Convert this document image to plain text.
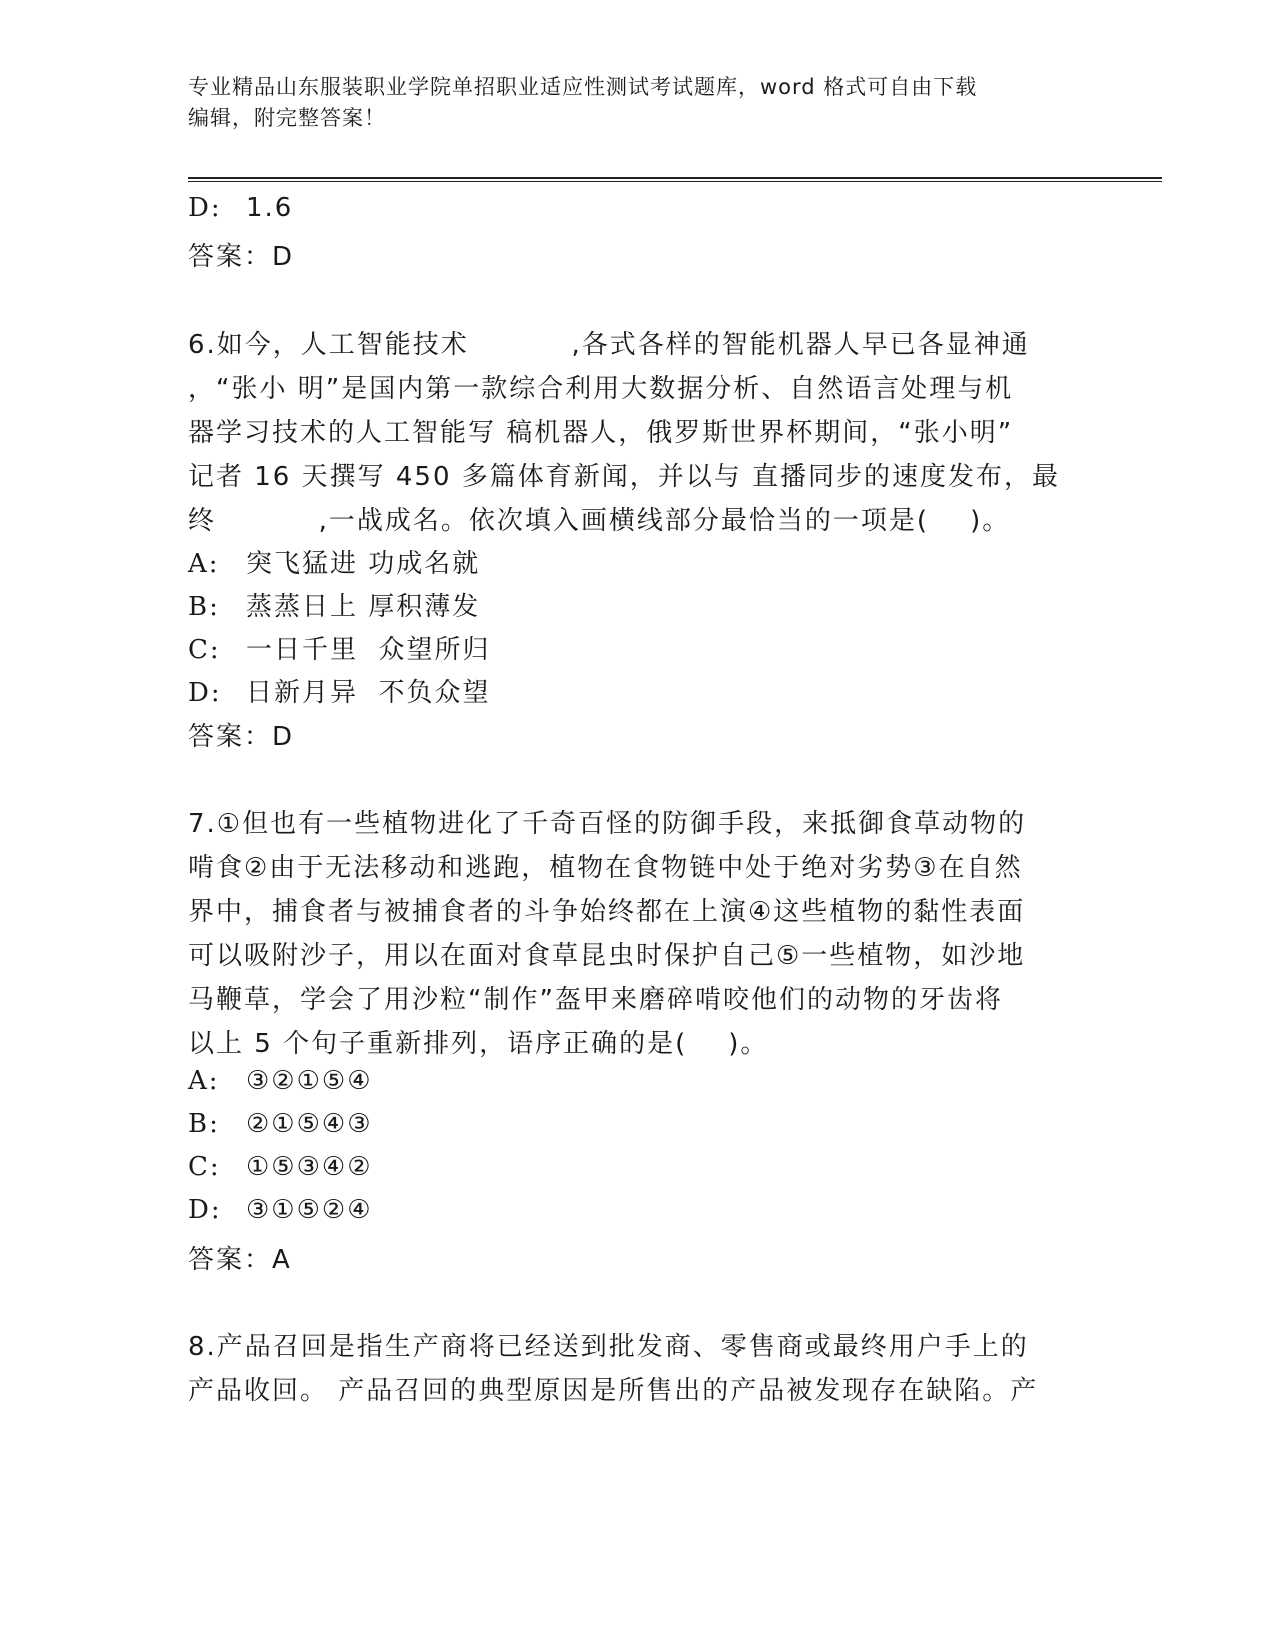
专业精品山东服装职业学院单招职业适应性测试考试题库，word 格式可自由下载
编辑，附完整答案！
D: 1.6
答案：D
6.如今，人工智能技术          ,各式各样的智能机器人早已各显神通
，“张小 明”是国内第一款综合利用大数据分析、自然语言处理与机
器学习技术的人工智能写 稿机器人，俄罗斯世界杯期间，“张小明”
记者 16 天撰写 450 多篇体育新闻，并以与 直播同步的速度发布，最
终          ,一战成名。依次填入画横线部分最恰当的一项是(    )。
A: 突飞猛进 功成名就
B: 蒸蒸日上 厚积薄发
C: 一日千里  众望所归
D: 日新月异  不负众望
答案：D
7.①但也有一些植物进化了千奇百怪的防御手段，来抵御食草动物的
啃食②由于无法移动和逃跑，植物在食物链中处于绝对劣势③在自然
界中，捕食者与被捕食者的斗争始终都在上演④这些植物的黏性表面
可以吸附沙子，用以在面对食草昆虫时保护自己⑤一些植物，如沙地
马鞭草，学会了用沙粒“制作”盔甲来磨碎啃咬他们的动物的牙齿将
以上 5 个句子重新排列，语序正确的是(    )。
A: ③②①⑤④
B: ②①⑤④③
C: ①⑤③④②
D: ③①⑤②④
答案：A
8.产品召回是指生产商将已经送到批发商、零售商或最终用户手上的
产品收回。 产品召回的典型原因是所售出的产品被发现存在缺陷。产
